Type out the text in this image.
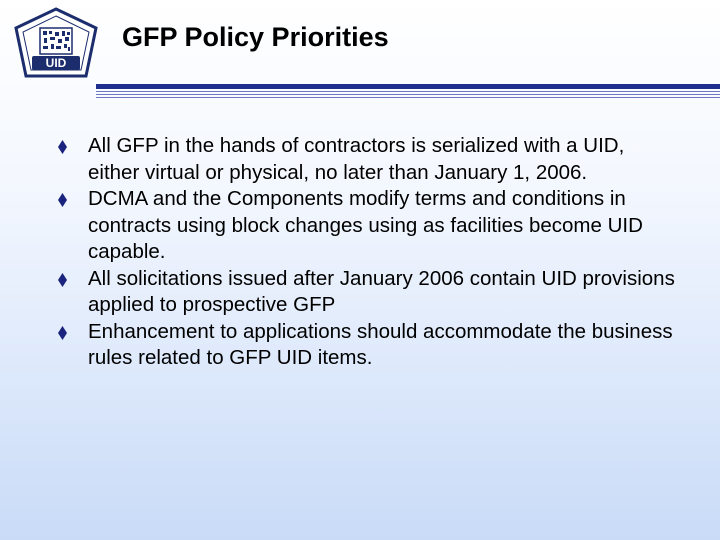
UID
GFP Policy Priorities
All GFP in the hands of contractors is serialized with a UID, either virtual or physical, no later than January 1, 2006.
DCMA and the Components modify terms and conditions in contracts using block changes using as facilities become UID capable.
All solicitations issued after January 2006 contain UID provisions applied to prospective GFP
Enhancement to applications should accommodate the business rules related to GFP UID items.
